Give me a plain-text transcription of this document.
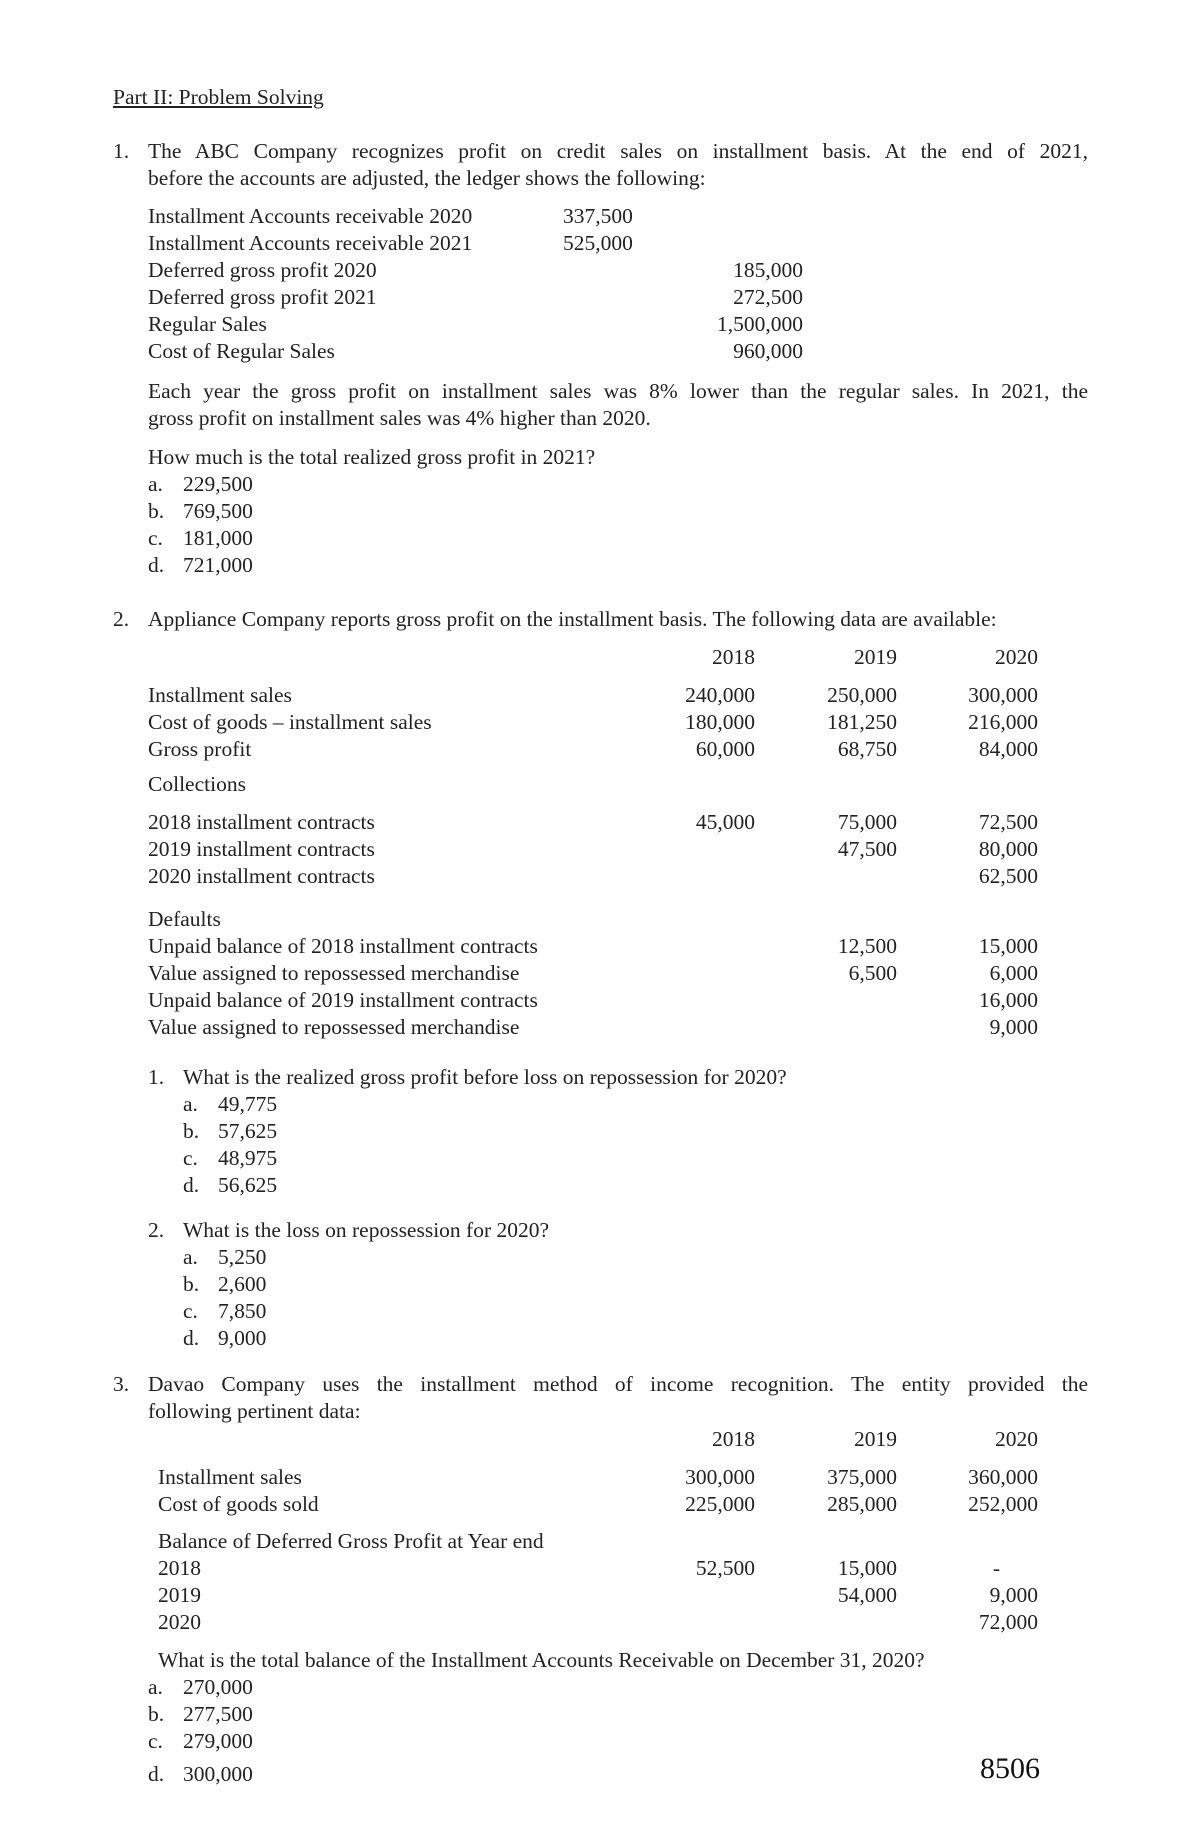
Part II: Problem Solving
1. The ABC Company recognizes profit on credit sales on installment basis. At the end of 2021,
before the accounts are adjusted, the ledger shows the following:
Installment Accounts receivable 2020	337,500	
Installment Accounts receivable 2021	525,000	
Deferred gross profit 2020		185,000
Deferred gross profit 2021		272,500
Regular Sales		1,500,000
Cost of Regular Sales		960,000
Each year the gross profit on installment sales was 8% lower than the regular sales. In 2021, the
gross profit on installment sales was 4% higher than 2020.
How much is the total realized gross profit in 2021?
a. 229,500
b. 769,500
c. 181,000
d. 721,000
2. Appliance Company reports gross profit on the installment basis. The following data are available:
2018	2019	2020
Installment sales	240,000	250,000	300,000
Cost of goods – installment sales	180,000	181,250	216,000
Gross profit	60,000	68,750	84,000
Collections
2018 installment contracts	45,000	75,000	72,500
2019 installment contracts		47,500	80,000
2020 installment contracts			62,500
Defaults
Unpaid balance of 2018 installment contracts		12,500	15,000
Value assigned to repossessed merchandise		6,500	6,000
Unpaid balance of 2019 installment contracts			16,000
Value assigned to repossessed merchandise			9,000
1. What is the realized gross profit before loss on repossession for 2020?
a. 49,775
b. 57,625
c. 48,975
d. 56,625
2. What is the loss on repossession for 2020?
a. 5,250
b. 2,600
c. 7,850
d. 9,000
3. Davao Company uses the installment method of income recognition. The entity provided the
following pertinent data:
2018	2019	2020
Installment sales	300,000	375,000	360,000
Cost of goods sold	225,000	285,000	252,000
Balance of Deferred Gross Profit at Year end
2018	52,500	15,000	-
2019		54,000	9,000
2020			72,000
What is the total balance of the Installment Accounts Receivable on December 31, 2020?
a. 270,000
b. 277,500
c. 279,000
d. 300,000	8506
